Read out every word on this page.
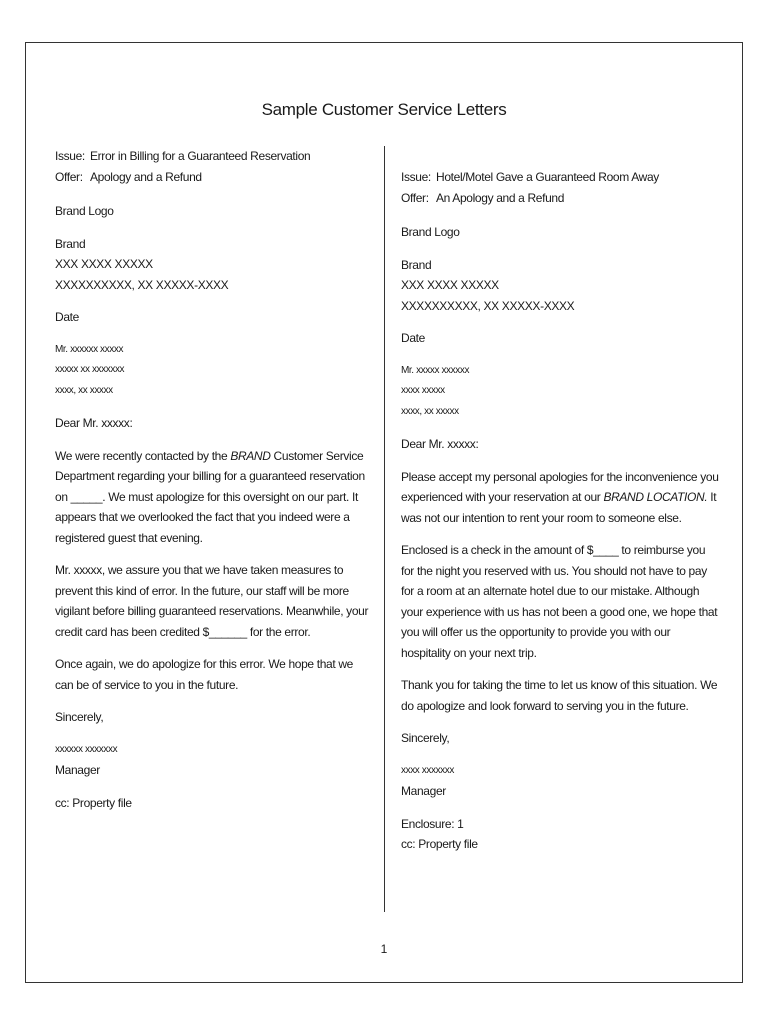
Sample Customer Service Letters

Issue: Error in Billing for a Guaranteed Reservation
Offer: Apology and a Refund

Brand Logo

Brand
XXX XXXX XXXXX
XXXXXXXXXX, XX XXXXX-XXXX

Date

Mr. xxxxxx xxxxx
xxxxx xx xxxxxxx
xxxx, xx xxxxx

Dear Mr. xxxxx:

We were recently contacted by the BRAND Customer Service Department regarding your billing for a guaranteed reservation on _____. We must apologize for this oversight on our part. It appears that we overlooked the fact that you indeed were a registered guest that evening.

Mr. xxxxx, we assure you that we have taken measures to prevent this kind of error. In the future, our staff will be more vigilant before billing guaranteed reservations. Meanwhile, your credit card has been credited $______ for the error.

Once again, we do apologize for this error. We hope that we can be of service to you in the future.

Sincerely,

xxxxxx xxxxxxx
Manager

cc: Property file

Issue: Hotel/Motel Gave a Guaranteed Room Away
Offer: An Apology and a Refund

Brand Logo

Brand
XXX XXXX XXXXX
XXXXXXXXXX, XX XXXXX-XXXX

Date

Mr. xxxxx xxxxxx
xxxx xxxxx
xxxx, xx xxxxx

Dear Mr. xxxxx:

Please accept my personal apologies for the inconvenience you experienced with your reservation at our BRAND LOCATION. It was not our intention to rent your room to someone else.

Enclosed is a check in the amount of $____ to reimburse you for the night you reserved with us. You should not have to pay for a room at an alternate hotel due to our mistake. Although your experience with us has not been a good one, we hope that you will offer us the opportunity to provide you with our hospitality on your next trip.

Thank you for taking the time to let us know of this situation. We do apologize and look forward to serving you in the future.

Sincerely,

xxxx xxxxxxx
Manager

Enclosure: 1
cc: Property file

1
